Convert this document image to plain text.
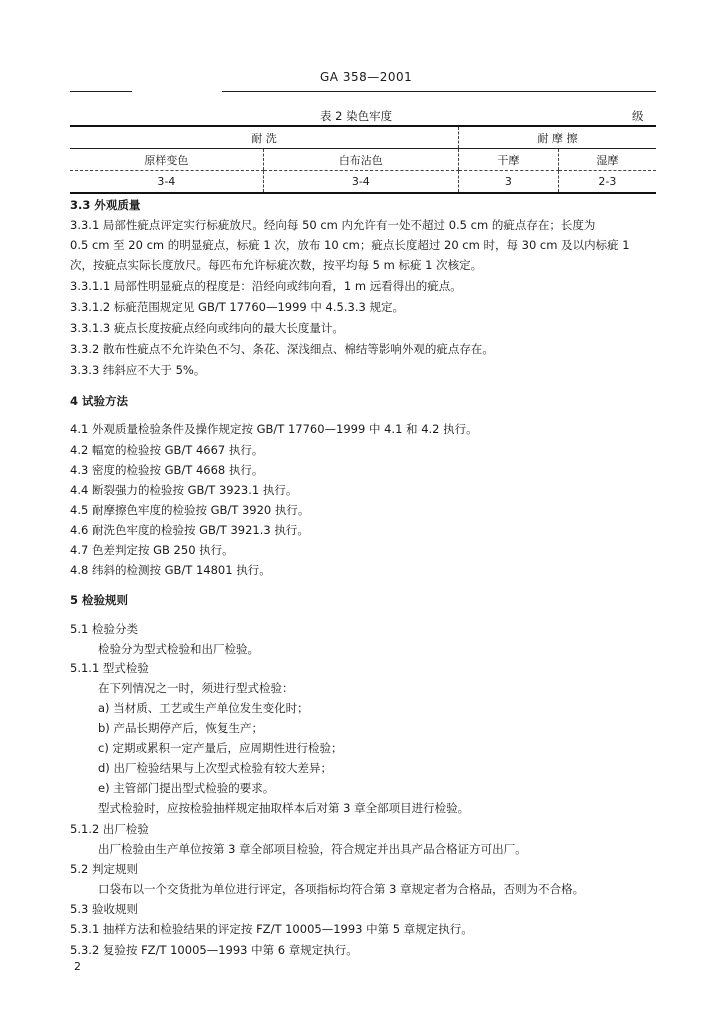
GA 358—2001
表 2 染色牢度	级
耐 洗		耐 摩 擦	
原样变色	白布沾色	干摩	湿摩
3-4	3-4	3	2-3
3.3 外观质量
3.3.1 局部性疵点评定实行标疵放尺。经向每 50 cm 内允许有一处不超过 0.5 cm 的疵点存在；长度为
0.5 cm 至 20 cm 的明显疵点，标疵 1 次，放布 10 cm；疵点长度超过 20 cm 时，每 30 cm 及以内标疵 1
次，按疵点实际长度放尺。每匹布允许标疵次数，按平均每 5 m 标疵 1 次核定。
3.3.1.1 局部性明显疵点的程度是：沿经向或纬向看，1 m 远看得出的疵点。
3.3.1.2 标疵范围规定见 GB/T 17760—1999 中 4.5.3.3 规定。
3.3.1.3 疵点长度按疵点经向或纬向的最大长度量计。
3.3.2 散布性疵点不允许染色不匀、条花、深浅细点、棉结等影响外观的疵点存在。
3.3.3 纬斜应不大于 5%。
4 试验方法
4.1 外观质量检验条件及操作规定按 GB/T 17760—1999 中 4.1 和 4.2 执行。
4.2 幅宽的检验按 GB/T 4667 执行。
4.3 密度的检验按 GB/T 4668 执行。
4.4 断裂强力的检验按 GB/T 3923.1 执行。
4.5 耐摩擦色牢度的检验按 GB/T 3920 执行。
4.6 耐洗色牢度的检验按 GB/T 3921.3 执行。
4.7 色差判定按 GB 250 执行。
4.8 纬斜的检测按 GB/T 14801 执行。
5 检验规则
5.1 检验分类
检验分为型式检验和出厂检验。
5.1.1 型式检验
在下列情况之一时，须进行型式检验：
a) 当材质、工艺或生产单位发生变化时；
b) 产品长期停产后，恢复生产；
c) 定期或累积一定产量后，应周期性进行检验；
d) 出厂检验结果与上次型式检验有较大差异；
e) 主管部门提出型式检验的要求。
型式检验时，应按检验抽样规定抽取样本后对第 3 章全部项目进行检验。
5.1.2 出厂检验
出厂检验由生产单位按第 3 章全部项目检验，符合规定并出具产品合格证方可出厂。
5.2 判定规则
口袋布以一个交货批为单位进行评定，各项指标均符合第 3 章规定者为合格品，否则为不合格。
5.3 验收规则
5.3.1 抽样方法和检验结果的评定按 FZ/T 10005—1993 中第 5 章规定执行。
5.3.2 复验按 FZ/T 10005—1993 中第 6 章规定执行。
2
